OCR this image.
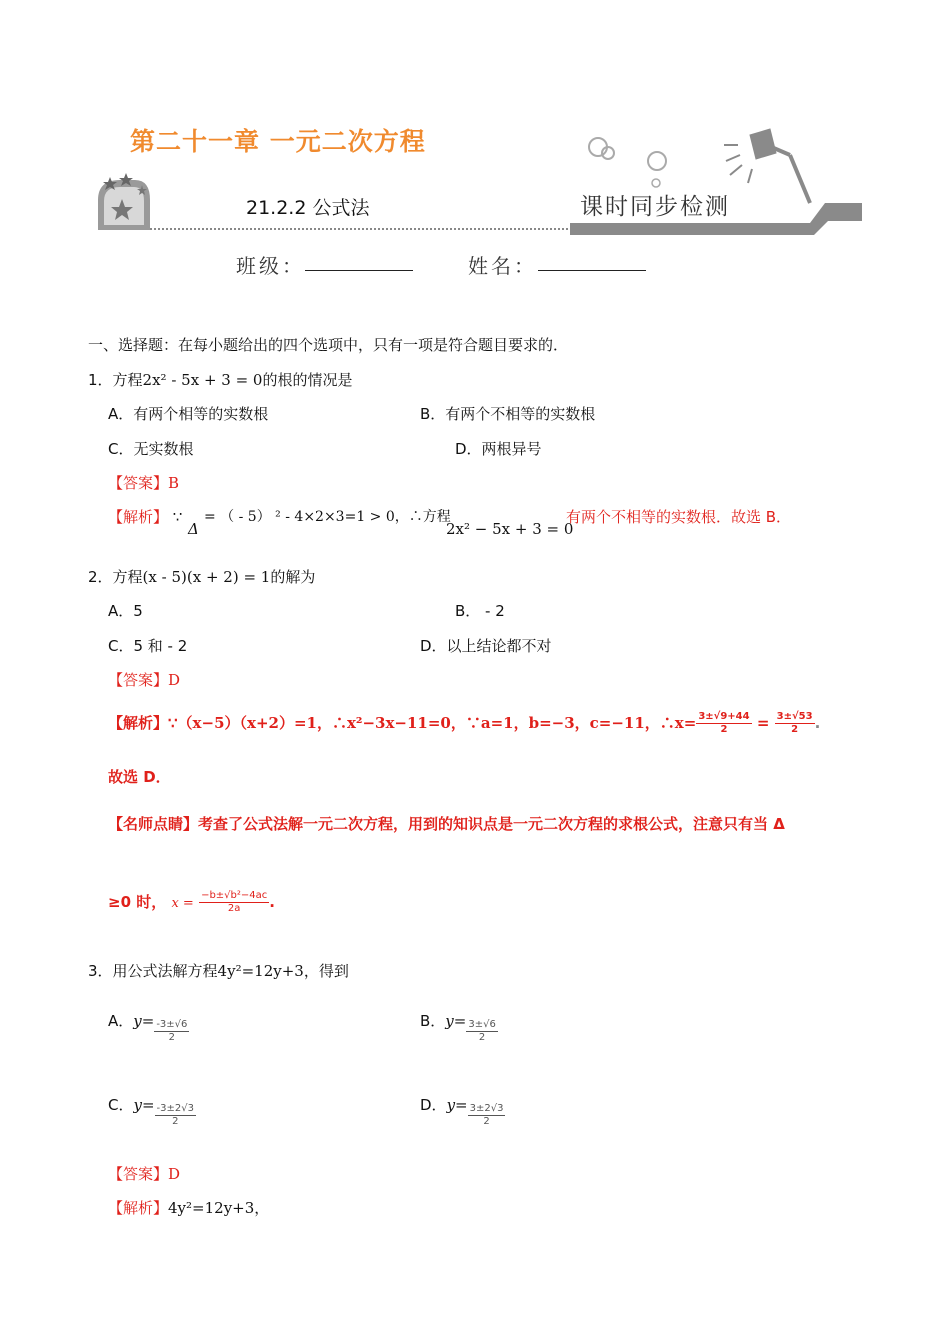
第二十一章 一元二次方程
21.2.2 公式法	课时同步检测
班级：	姓名：
一、选择题：在每小题给出的四个选项中，只有一项是符合题目要求的．
1．方程2x² - 5x + 3 = 0的根的情况是
A．有两个相等的实数根	B．有两个不相等的实数根
C．无实数根	D．两根异号
【答案】B
【解析】 ∵
Δ
= （ - 5） ² - 4×2×3=1 > 0，∴方程
2x² − 5x + 3 = 0
有两个不相等的实数根．故选 B．
2．方程(x - 5)(x + 2) = 1的解为
A．5	B． - 2
C．5 和 - 2	D．以上结论都不对
【答案】D
【解析】∵（x−5）（x+2）=1，∴x²−3x−11=0，∵a=1，b=−3，c=−11，∴x= $\frac{3\pm√9+44}{2} = \frac{3\pm√53}{2}$ .
故选 D．
【名师点睛】考查了公式法解一元二次方程，用到的知识点是一元二次方程的求根公式，注意只有当 Δ
≥0 时， $x = \frac{\text{−b±√b²−4ac}}{2a}$ .
3．用公式法解方程4y²=12y+3，得到
A．$y= \frac{-3\pm√6}{2}$	B．$y= \frac{3\pm√6}{2}$
C．$y= \frac{-3\pm 2√3}{2}$	D．$y= \frac{3\pm 2√3}{2}$
【答案】D
【解析】4y²=12y+3，
